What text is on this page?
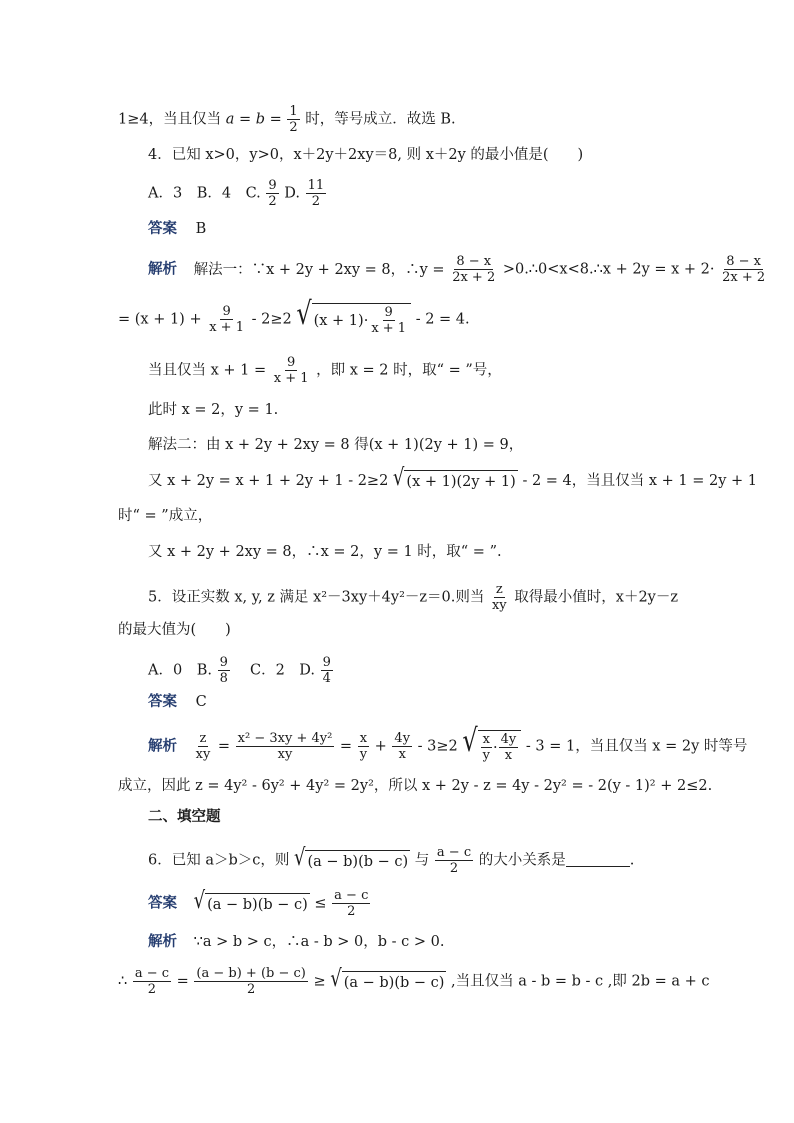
1≥4，当且仅当 $a = b = \frac{1}{2}$ 时，等号成立．故选 B.
4．已知 x>0，y>0，x＋2y＋2xy＝8, 则 x＋2y 的最小值是(　　)
A．3　B．4　C. $\frac{9}{2} D$. $\frac{11}{2}$
答案 B
解析 解法一：∵x + 2y + 2xy = 8，∴y = $\frac{8 - x}{2x + 2}$ >0.∴0<x<8.∴x + $2y = x + 2\cdot \frac{8 - x}{2x + 2}$
= $(x + 1) + \frac{9}{x + 1} - 2\ge 2$ √ $(x + 1)\cdot \frac{9}{x + 1} - 2 = 4$.
当且仅当 $x + 1 = \frac{9}{x + 1}$ ，即 x = 2 时，取“ = ”号，
此时 x = 2，y = 1.
解法二：由 x + 2y + 2xy = 8 得(x + 1)(2y + 1) = 9，
又 x + 2y = x + 1 + 2y + 1 - 2≥2 √ (x + 1)(2y + 1) - 2 = 4，当且仅当 x + 1 = 2y + 1
时“ = ”成立，
又 x + 2y + 2xy = 8，∴x = 2，y = 1 时，取“ = ”.
5．设正实数 x, y, z 满足 x²－3xy＋4y²－z＝0.则当 $\frac{z}{xy}$ 取得最小值时，x＋2y－z
的最大值为(　　)
A．0　B. $\frac{9}{8}$ 　C．2　D. $\frac{9}{4}$
答案 C
解析 $\frac{z}{xy} = \frac{\text{x² − 3xy + 4y²}}{xy} = \frac{x}{y} + \frac{4y}{x} - 3\ge 2$ √ $\frac{x}{y} \cdot \frac{4y}{x} - 3 = 1$，当且仅当 x = 2y 时等号
成立，因此 z = 4y² - 6y² + 4y² = 2y²，所以 x + 2y - z = 4y - 2y² = - 2(y - 1)² + 2≤2.
二、填空题
6．已知 a＞b＞c，则 √ (a − b)(b − c) 与 $\frac{a - c}{2}$ 的大小关系是	.
答案 √ $(a - b)(b - c) \le \frac{a - c}{2}$
解析 ∵a > b > c，∴a - b > 0，b - c > 0.
∴ $\frac{a - c}{2} = \frac{(a - b) + (b - c)}{2}$ ≥ √ (a − b)(b − c) ,当且仅当 a - b = b - c ,即 2b = a + c
